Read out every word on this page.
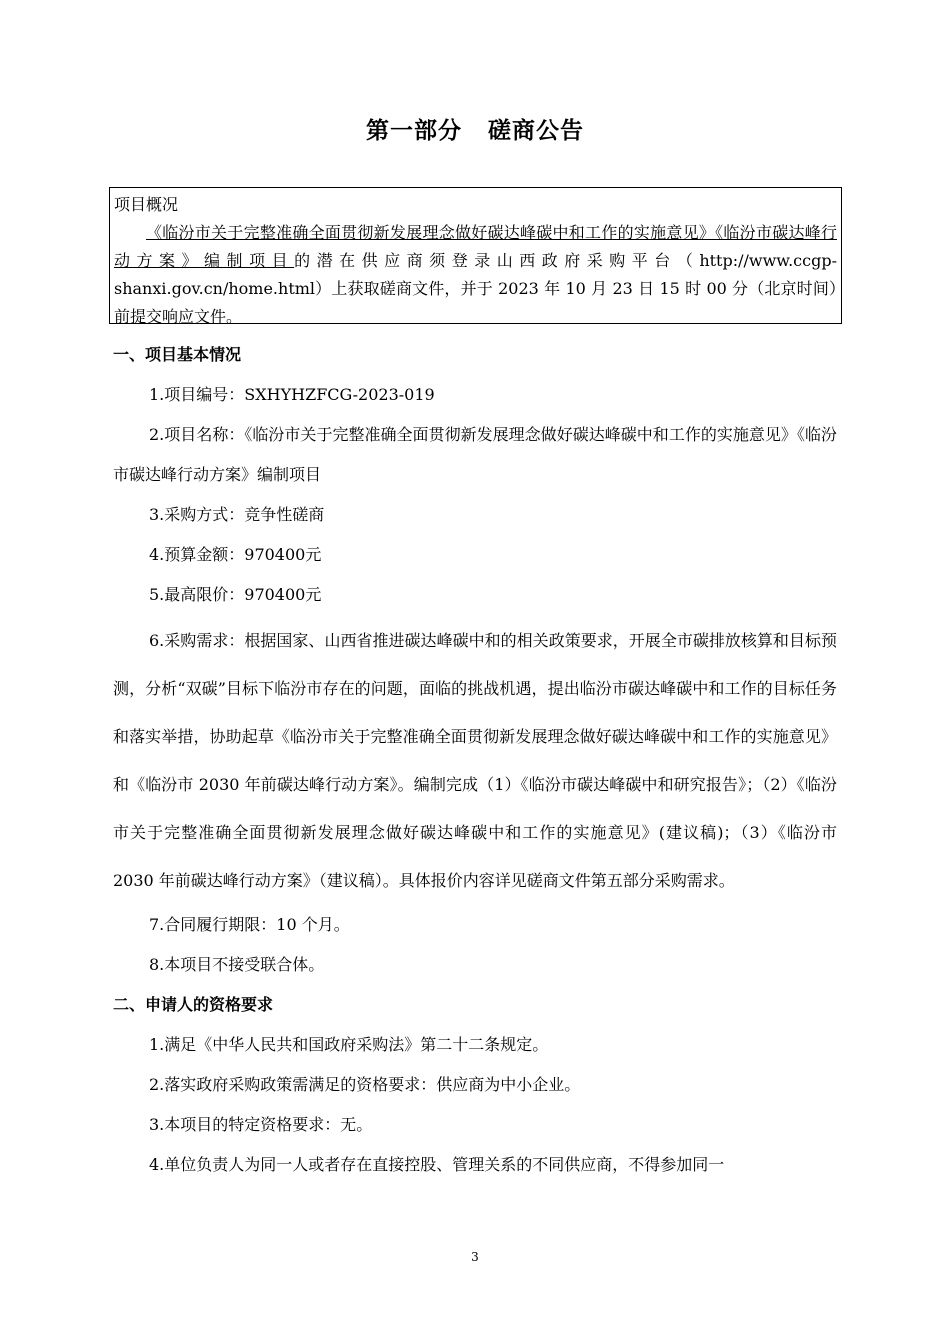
第一部分 磋商公告

项目概况

《临汾市关于完整准确全面贯彻新发展理念做好碳达峰碳中和工作的实施意见》《临汾市碳达峰行动方案》编制项目的潜在供应商须登录山西政府采购平台（http://www.ccgp-shanxi.gov.cn/home.html）上获取磋商文件，并于 2023 年 10 月 23 日 15 时 00 分（北京时间）前提交响应文件。

一、项目基本情况

1.项目编号：SXHYHZFCG-2023-019

2.项目名称：《临汾市关于完整准确全面贯彻新发展理念做好碳达峰碳中和工作的实施意见》《临汾市碳达峰行动方案》编制项目

3.采购方式：竞争性磋商

4.预算金额：970400元

5.最高限价：970400元

6.采购需求：根据国家、山西省推进碳达峰碳中和的相关政策要求，开展全市碳排放核算和目标预测，分析“双碳”目标下临汾市存在的问题，面临的挑战机遇，提出临汾市碳达峰碳中和工作的目标任务和落实举措，协助起草《临汾市关于完整准确全面贯彻新发展理念做好碳达峰碳中和工作的实施意见》和《临汾市 2030 年前碳达峰行动方案》。编制完成（1）《临汾市碳达峰碳中和研究报告》；（2）《临汾市关于完整准确全面贯彻新发展理念做好碳达峰碳中和工作的实施意见》(建议稿)；（3）《临汾市 2030 年前碳达峰行动方案》（建议稿）。具体报价内容详见磋商文件第五部分采购需求。

7.合同履行期限：10 个月。

8.本项目不接受联合体。

二、申请人的资格要求

1.满足《中华人民共和国政府采购法》第二十二条规定。

2.落实政府采购政策需满足的资格要求：供应商为中小企业。

3.本项目的特定资格要求：无。

4.单位负责人为同一人或者存在直接控股、管理关系的不同供应商，不得参加同一

3
